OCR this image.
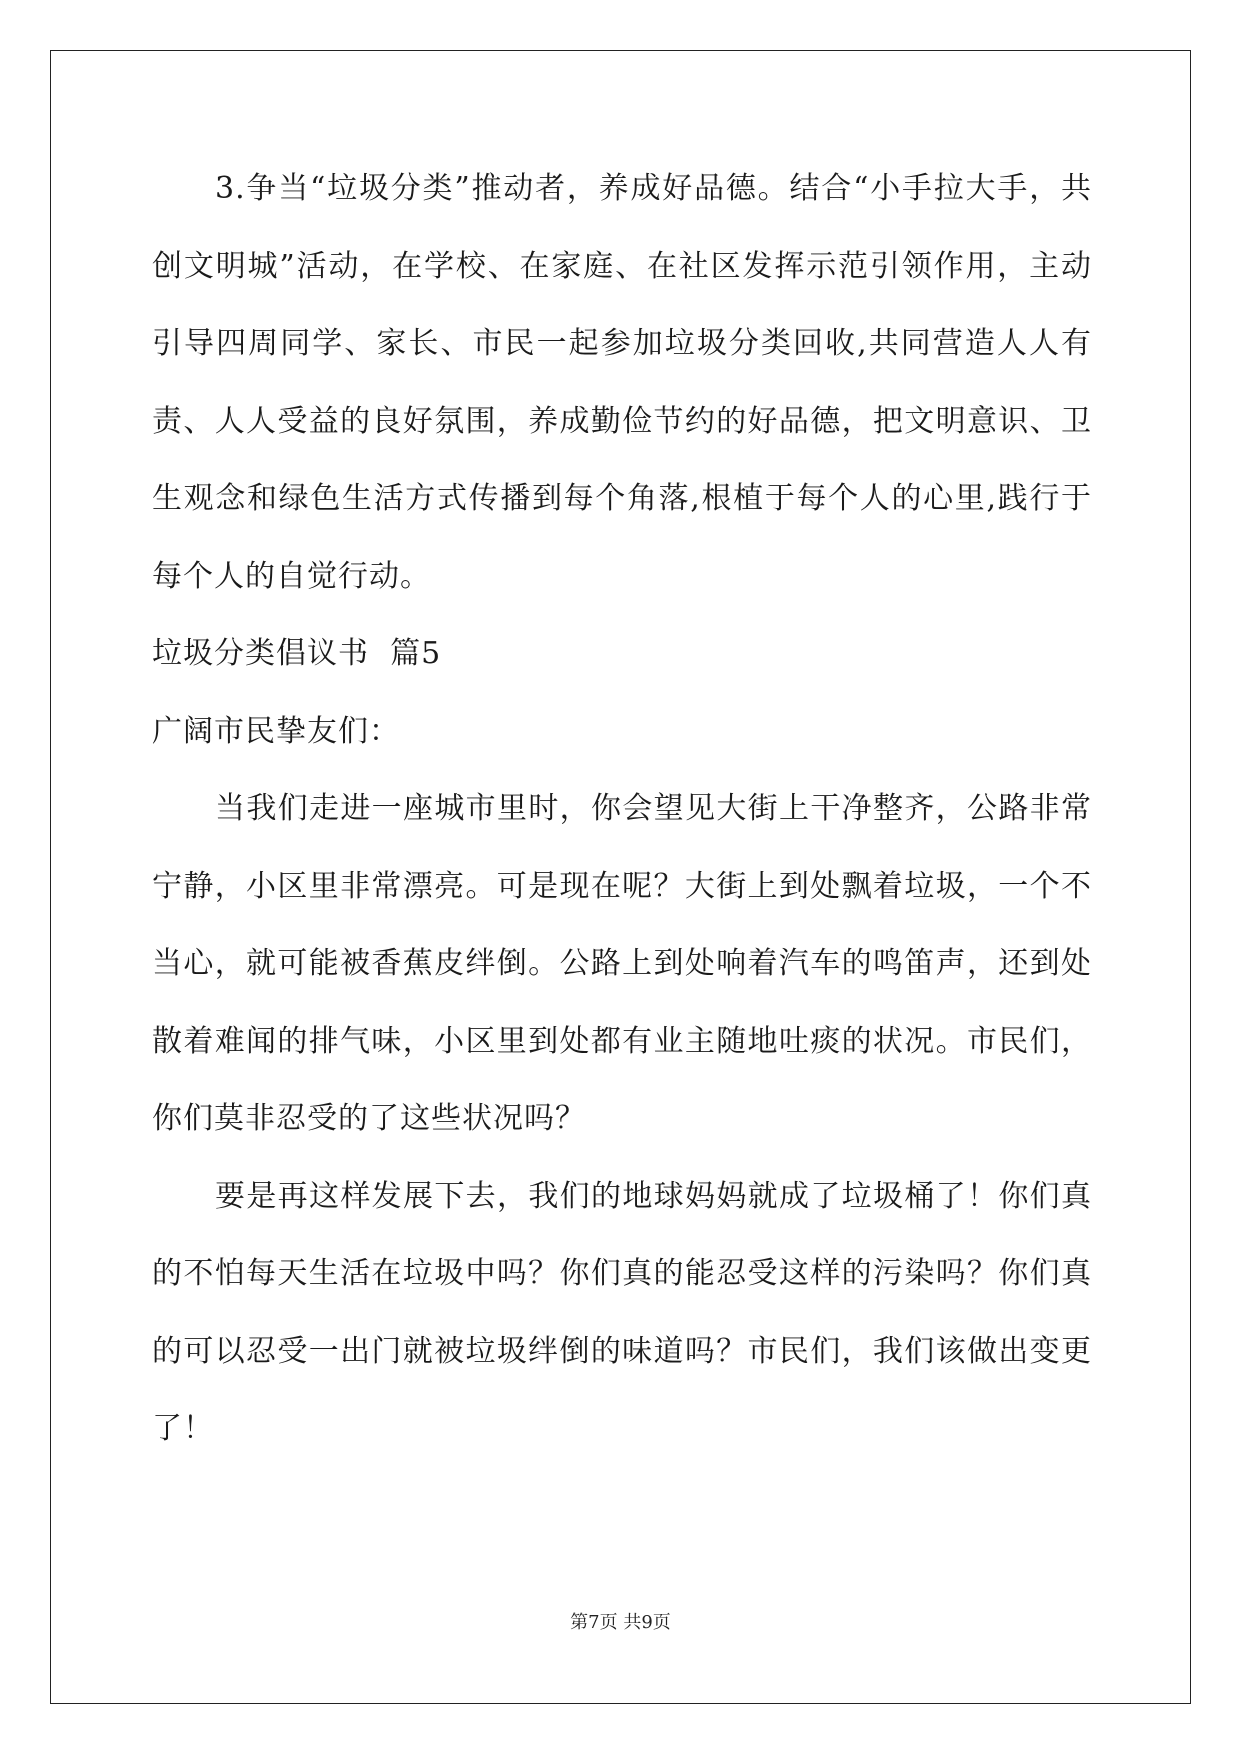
3.争当“垃圾分类”推动者，养成好品德。结合“小手拉大手，共创文明城”活动，在学校、在家庭、在社区发挥示范引领作用，主动引导四周同学、家长、市民一起参加垃圾分类回收,共同营造人人有责、人人受益的良好氛围，养成勤俭节约的好品德，把文明意识、卫生观念和绿色生活方式传播到每个角落,根植于每个人的心里,践行于每个人的自觉行动。

垃圾分类倡议书  篇5

广阔市民挚友们：

当我们走进一座城市里时，你会望见大街上干净整齐，公路非常宁静，小区里非常漂亮。可是现在呢？大街上到处飘着垃圾，一个不当心，就可能被香蕉皮绊倒。公路上到处响着汽车的鸣笛声，还到处散着难闻的排气味，小区里到处都有业主随地吐痰的状况。市民们，你们莫非忍受的了这些状况吗？

要是再这样发展下去，我们的地球妈妈就成了垃圾桶了！你们真的不怕每天生活在垃圾中吗？你们真的能忍受这样的污染吗？你们真的可以忍受一出门就被垃圾绊倒的味道吗？市民们，我们该做出变更了！

第7页 共9页
